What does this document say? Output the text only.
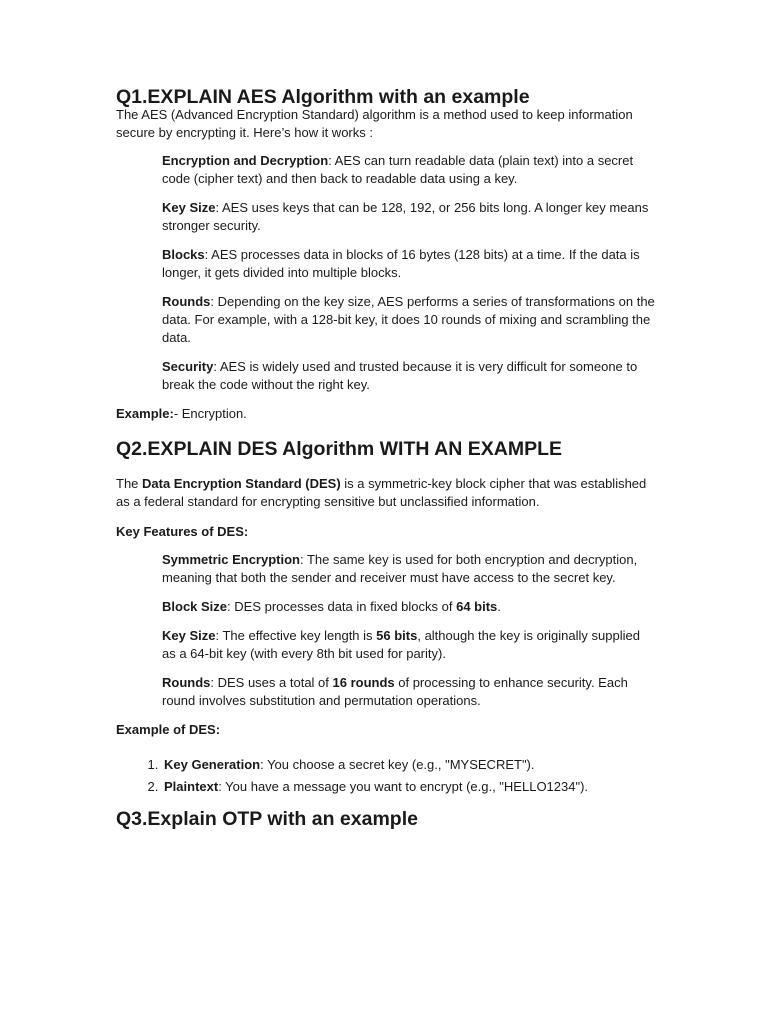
Q1.EXPLAIN AES Algorithm with an example

The AES (Advanced Encryption Standard) algorithm is a method used to keep information secure by encrypting it. Here’s how it works :

Encryption and Decryption: AES can turn readable data (plain text) into a secret code (cipher text) and then back to readable data using a key.

Key Size: AES uses keys that can be 128, 192, or 256 bits long. A longer key means stronger security.

Blocks: AES processes data in blocks of 16 bytes (128 bits) at a time. If the data is longer, it gets divided into multiple blocks.

Rounds: Depending on the key size, AES performs a series of transformations on the data. For example, with a 128-bit key, it does 10 rounds of mixing and scrambling the data.

Security: AES is widely used and trusted because it is very difficult for someone to break the code without the right key.

Example:- Encryption.

Q2.EXPLAIN DES Algorithm WITH AN EXAMPLE

The Data Encryption Standard (DES) is a symmetric-key block cipher that was established as a federal standard for encrypting sensitive but unclassified information.

Key Features of DES:

Symmetric Encryption: The same key is used for both encryption and decryption, meaning that both the sender and receiver must have access to the secret key.

Block Size: DES processes data in fixed blocks of 64 bits.

Key Size: The effective key length is 56 bits, although the key is originally supplied as a 64-bit key (with every 8th bit used for parity).

Rounds: DES uses a total of 16 rounds of processing to enhance security. Each round involves substitution and permutation operations.

Example of DES:

1. Key Generation: You choose a secret key (e.g., "MYSECRET").
2. Plaintext: You have a message you want to encrypt (e.g., "HELLO1234").
Q3.Explain OTP with an example
